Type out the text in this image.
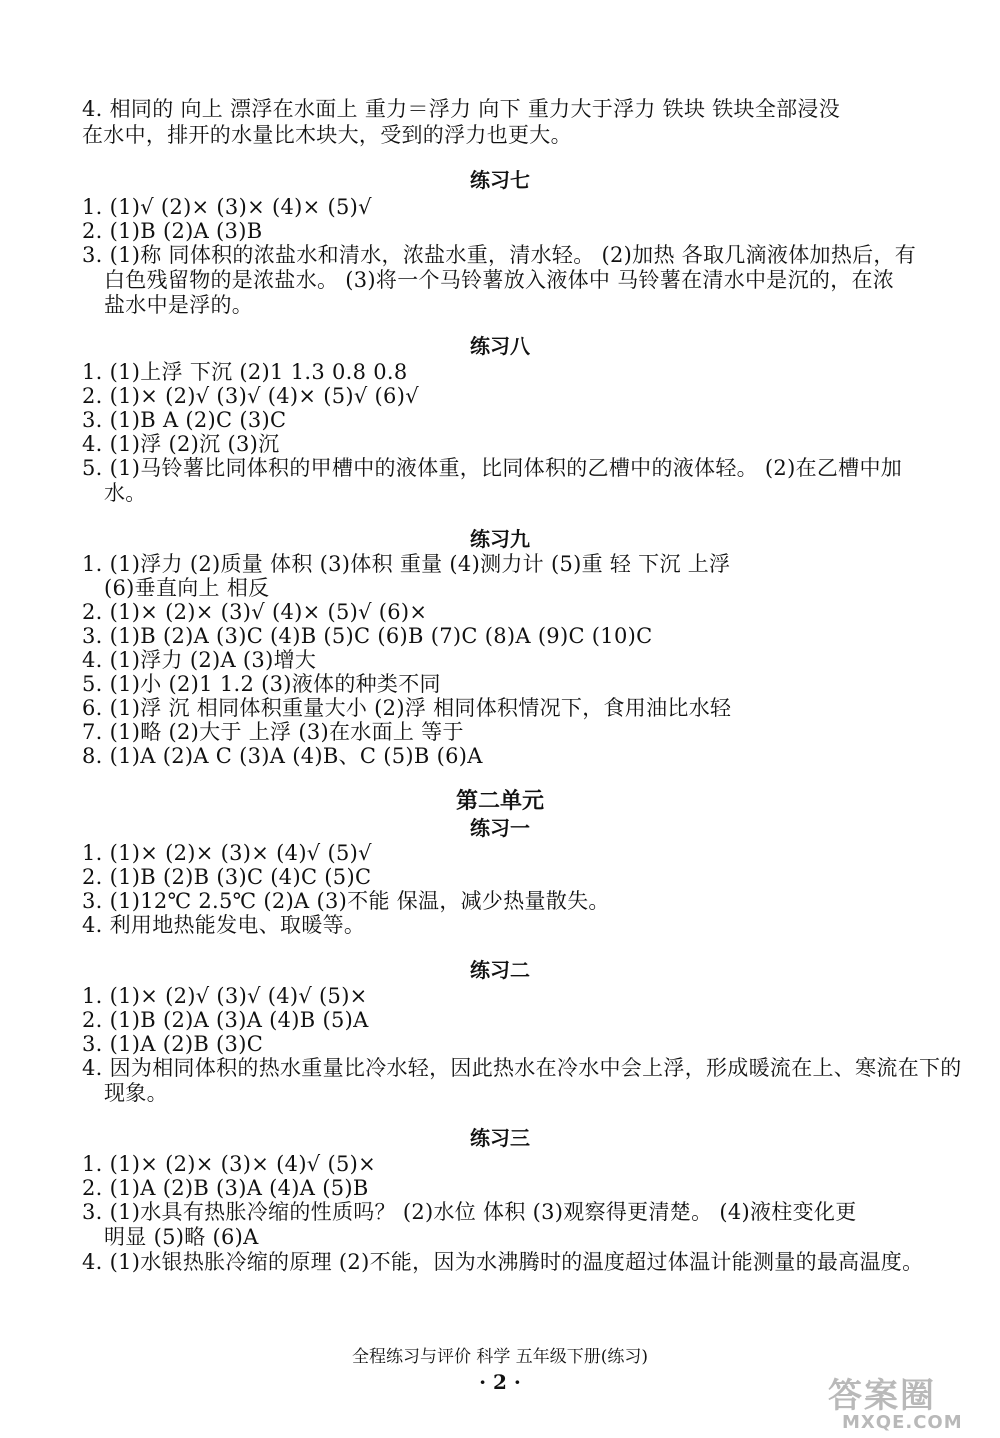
4. 相同的 向上 漂浮在水面上 重力＝浮力 向下 重力大于浮力 铁块 铁块全部浸没
在水中，排开的水量比木块大，受到的浮力也更大。
练习七
1. (1)√ (2)× (3)× (4)× (5)√
2. (1)B (2)A (3)B
3. (1)称 同体积的浓盐水和清水，浓盐水重，清水轻。 (2)加热 各取几滴液体加热后，有
白色残留物的是浓盐水。 (3)将一个马铃薯放入液体中 马铃薯在清水中是沉的，在浓
盐水中是浮的。
练习八
1. (1)上浮 下沉 (2)1 1.3 0.8 0.8
2. (1)× (2)√ (3)√ (4)× (5)√ (6)√
3. (1)B A (2)C (3)C
4. (1)浮 (2)沉 (3)沉
5. (1)马铃薯比同体积的甲槽中的液体重，比同体积的乙槽中的液体轻。 (2)在乙槽中加
水。
练习九
1. (1)浮力 (2)质量 体积 (3)体积 重量 (4)测力计 (5)重 轻 下沉 上浮
(6)垂直向上 相反
2. (1)× (2)× (3)√ (4)× (5)√ (6)×
3. (1)B (2)A (3)C (4)B (5)C (6)B (7)C (8)A (9)C (10)C
4. (1)浮力 (2)A (3)增大
5. (1)小 (2)1 1.2 (3)液体的种类不同
6. (1)浮 沉 相同体积重量大小 (2)浮 相同体积情况下，食用油比水轻
7. (1)略 (2)大于 上浮 (3)在水面上 等于
8. (1)A (2)A C (3)A (4)B、C (5)B (6)A
第二单元
练习一
1. (1)× (2)× (3)× (4)√ (5)√
2. (1)B (2)B (3)C (4)C (5)C
3. (1)12℃ 2.5℃ (2)A (3)不能 保温，减少热量散失。
4. 利用地热能发电、取暖等。
练习二
1. (1)× (2)√ (3)√ (4)√ (5)×
2. (1)B (2)A (3)A (4)B (5)A
3. (1)A (2)B (3)C
4. 因为相同体积的热水重量比冷水轻，因此热水在冷水中会上浮，形成暖流在上、寒流在下的
现象。
练习三
1. (1)× (2)× (3)× (4)√ (5)×
2. (1)A (2)B (3)A (4)A (5)B
3. (1)水具有热胀冷缩的性质吗？ (2)水位 体积 (3)观察得更清楚。 (4)液柱变化更
明显 (5)略 (6)A
4. (1)水银热胀冷缩的原理 (2)不能，因为水沸腾时的温度超过体温计能测量的最高温度。
全程练习与评价 科学 五年级下册(练习)
· 2 ·	答案圈
MXQE.COM
